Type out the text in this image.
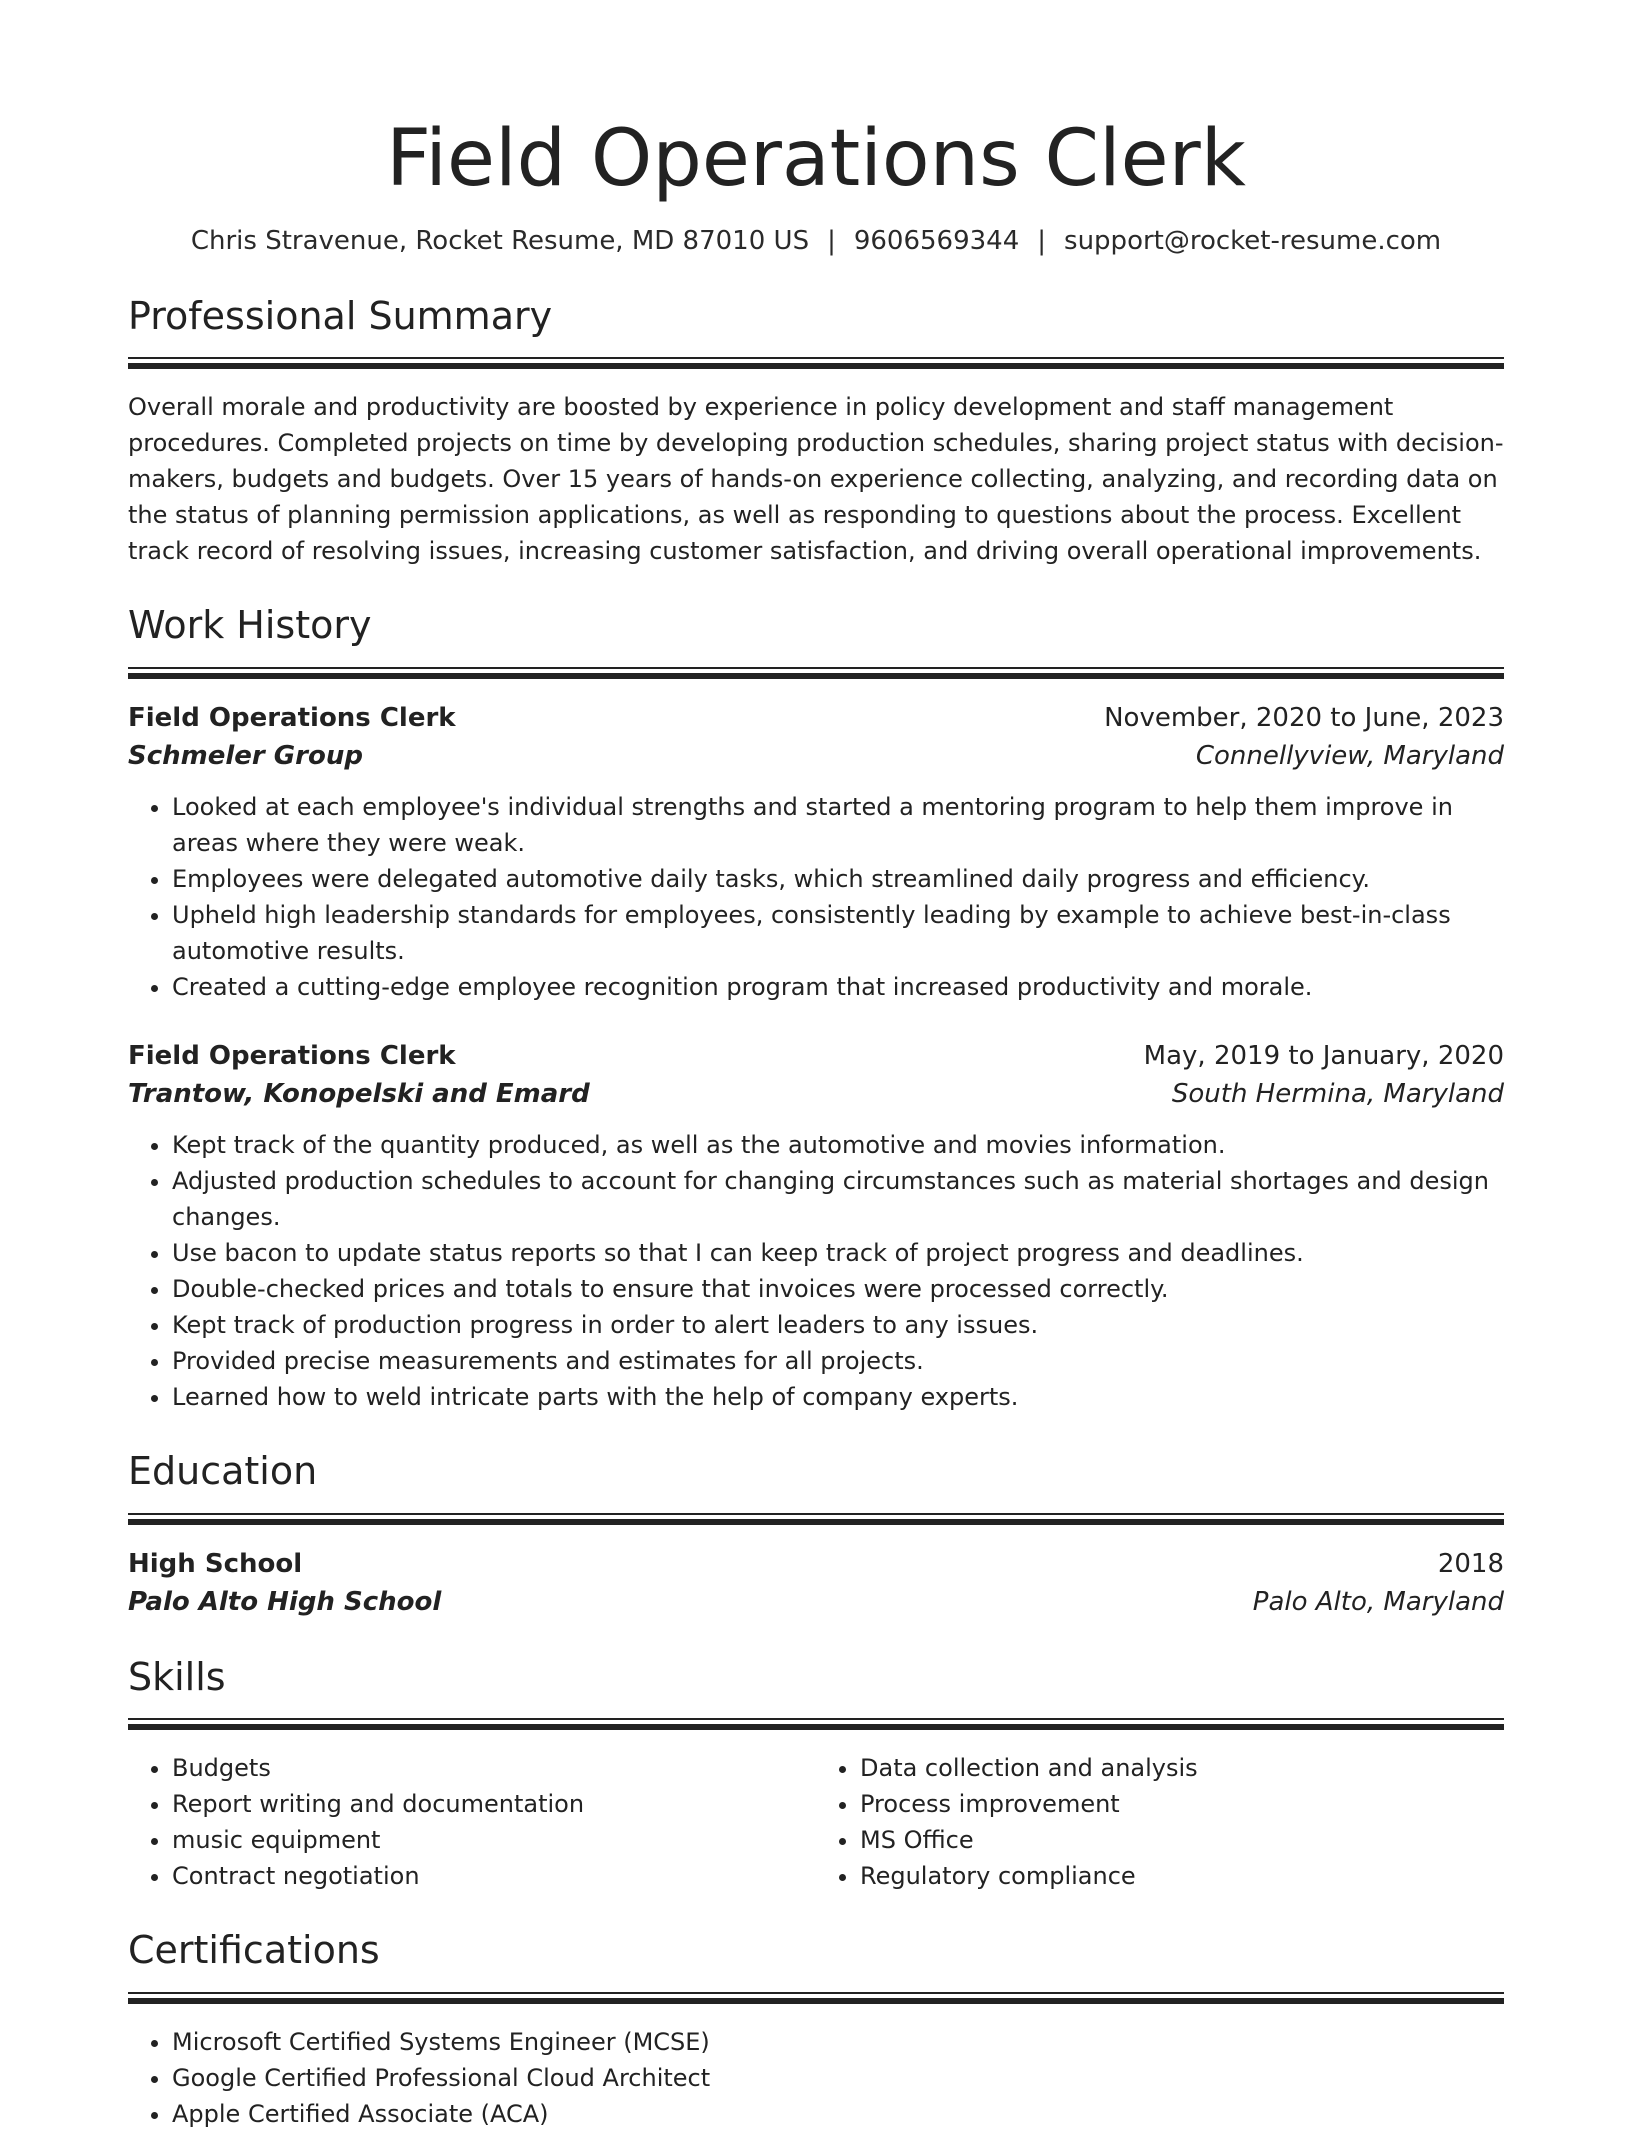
Field Operations Clerk
Chris Stravenue, Rocket Resume, MD 87010 US | 9606569344 | support@rocket-resume.com
Professional Summary

Overall morale and productivity are boosted by experience in policy development and staff management procedures. Completed projects on time by developing production schedules, sharing project status with decision-makers, budgets and budgets. Over 15 years of hands-on experience collecting, analyzing, and recording data on the status of planning permission applications, as well as responding to questions about the process. Excellent track record of resolving issues, increasing customer satisfaction, and driving overall operational improvements.

Work History
Field Operations Clerk	November, 2020 to June, 2023
Schmeler Group	Connellyview, Maryland
• Looked at each employee's individual strengths and started a mentoring program to help them improve in areas where they were weak.
• Employees were delegated automotive daily tasks, which streamlined daily progress and efficiency.
• Upheld high leadership standards for employees, consistently leading by example to achieve best-in-class automotive results.
• Created a cutting-edge employee recognition program that increased productivity and morale.
Field Operations Clerk	May, 2019 to January, 2020
Trantow, Konopelski and Emard	South Hermina, Maryland
• Kept track of the quantity produced, as well as the automotive and movies information.
• Adjusted production schedules to account for changing circumstances such as material shortages and design changes.
• Use bacon to update status reports so that I can keep track of project progress and deadlines.
• Double-checked prices and totals to ensure that invoices were processed correctly.
• Kept track of production progress in order to alert leaders to any issues.
• Provided precise measurements and estimates for all projects.
• Learned how to weld intricate parts with the help of company experts.
Education
High School	2018
Palo Alto High School	Palo Alto, Maryland
Skills
• Budgets
• Report writing and documentation
• music equipment
• Contract negotiation
• Data collection and analysis
• Process improvement
• MS Office
• Regulatory compliance
Certifications
• Microsoft Certified Systems Engineer (MCSE)
• Google Certified Professional Cloud Architect
• Apple Certified Associate (ACA)
